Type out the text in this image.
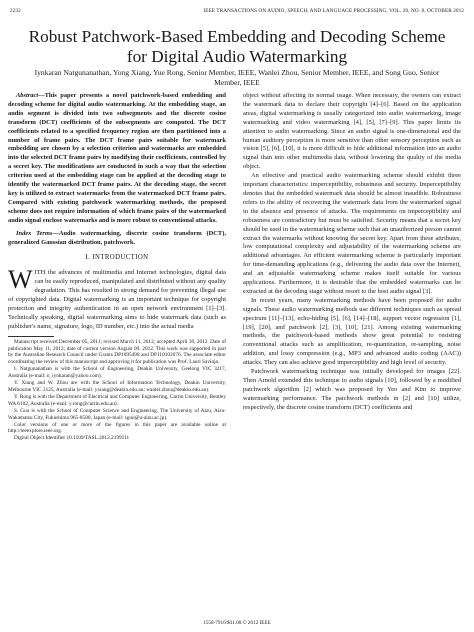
2232	IEEE TRANSACTIONS ON AUDIO, SPEECH, AND LANGUAGE PROCESSING, VOL. 20, NO. 8, OCTOBER 2012
Robust Patchwork-Based Embedding and Decoding Scheme for Digital Audio Watermarking

Iynkaran Natgunanathan, Yong Xiang, Yue Rong, Senior Member, IEEE, Wanlei Zhou, Senior Member, IEEE, and Song Guo, Senior Member, IEEE

Abstract—This paper presents a novel patchwork-based embedding and decoding scheme for digital audio watermarking. At the embedding stage, an audio segment is divided into two subsegments and the discrete cosine transform (DCT) coefficients of the subsegments are computed. The DCT coefficients related to a specified frequency region are then partitioned into a number of frame pairs. The DCT frame pairs suitable for watermark embedding are chosen by a selection criterion and watermarks are embedded into the selected DCT frame pairs by modifying their coefficients, controlled by a secret key. The modifications are conducted in such a way that the selection criterion used at the embedding stage can be applied at the decoding stage to identify the watermarked DCT frame pairs. At the decoding stage, the secret key is utilized to extract watermarks from the watermarked DCT frame pairs. Compared with existing patchwork watermarking methods, the proposed scheme does not require information of which frame pairs of the watermarked audio signal enclose watermarks and is more robust to conventional attacks.

Index Terms—Audio watermarking, discrete cosine transform (DCT), generalized Gaussian distribution, patchwork.

I. INTRODUCTION

WITH the advances of multimedia and Internet technologies, digital data can be easily reproduced, manipulated and distributed without any quality degradation. This has resulted in strong demand for preventing illegal use of copyrighted data. Digital watermarking is an important technique for copyright protection and integrity authentication in an open network environment [1]–[3]. Technically speaking, digital watermarking aims to hide watermark data (such as publisher's name, signature, logo, ID number, etc.) into the actual media

Manuscript received December 05, 2011; revised March 11, 2012; accepted April 30, 2012. Date of publication May 11, 2012; date of current version August 09, 2012. This work was supported in part by the Australian Research Council under Grants DP1095498 and DP110102076. The associate editor coordinating the review of this manuscript and approving it for publication was Prof. Lauri Savioja.

I. Natgunanathan is with the School of Engineering, Deakin University, Geelong VIC 3217, Australia (e-mail: n_iynkaran@yahoo.com).

Y. Xiang and W. Zhou are with the School of Information Technology, Deakin University, Melbourne VIC 3125, Australia (e-mail: yxiang@deakin.edu.au; wanlei.zhou@deakin.edu.au).

Y. Rong is with the Department of Electrical and Computer Engineering, Curtin University, Bentley WA 6102, Australia (e-mail: y.rong@curtin.edu.au).

S. Guo is with the School of Computer Science and Engineering, The University of Aizu, Aizu-Wakamatsu City, Fukushima 965-8580, Japan (e-mail: sguo@u-aizu.ac.jp).

Color versions of one or more of the figures in this paper are available online at http://ieeexplore.ieee.org.

Digital Object Identifier 10.1109/TASL.2012.2199111

object without affecting its normal usage. When necessary, the owners can extract the watermark data to declare their copyright [4]–[6]. Based on the application areas, digital watermarking is usually categorized into audio watermarking, image watermarking and video watermarking [4], [5], [7]–[9]. This paper limits its attention to audio watermarking. Since an audio signal is one-dimensional and the human auditory perception is more sensitive than other sensory perception such as vision [5], [6], [10], it is more difficult to hide additional information into an audio signal than into other multimedia data, without lowering the quality of the media object.

An effective and practical audio watermarking scheme should exhibit three important characteristics: imperceptibility, robustness and security. Imperceptibility denotes that the embedded watermark data should be almost inaudible. Robustness refers to the ability of recovering the watermark data from the watermarked signal in the absence and presence of attacks. The requirements on imperceptibility and robustness are contradictory but must be satisfied. Security means that a secret key should be used in the watermarking scheme such that an unauthorized person cannot extract the watermarks without knowing the secret key. Apart from these attributes, low computational complexity and adjustability of the watermarking scheme are additional advantages. An efficient watermarking scheme is particularly important for time-demanding applications (e.g., delivering the audio data over the Internet), and an adjustable watermarking scheme makes itself suitable for various applications. Furthermore, it is desirable that the embedded watermarks can be extracted at the decoding stage without resort to the host audio signal [3].

In recent years, many watermarking methods have been proposed for audio signals. These audio watermarking methods use different techniques such as spread spectrum [11]–[13], echo-hiding [5], [6], [14]–[18], support vector regression [1], [19], [20], and patchwork [2], [3], [10], [21]. Among existing watermarking methods, the patchwork-based methods show great potential to resisting conventional attacks such as amplification, re-quantization, re-sampling, noise addition, and lossy compression (e.g., MP3 and advanced audio coding (AAC)) attacks. They can also achieve good imperceptibility and high level of security.

Patchwork watermarking technique was initially developed for images [22]. Then Arnold extended this technique to audio signals [10], followed by a modified patchwork algorithm [2] which was proposed by Yeo and Kim to improve watermarking performance. The patchwork methods in [2] and [10] utilize, respectively, the discrete cosine transform (DCT) coefficients and

1558-7916/$31.00 © 2012 IEEE
